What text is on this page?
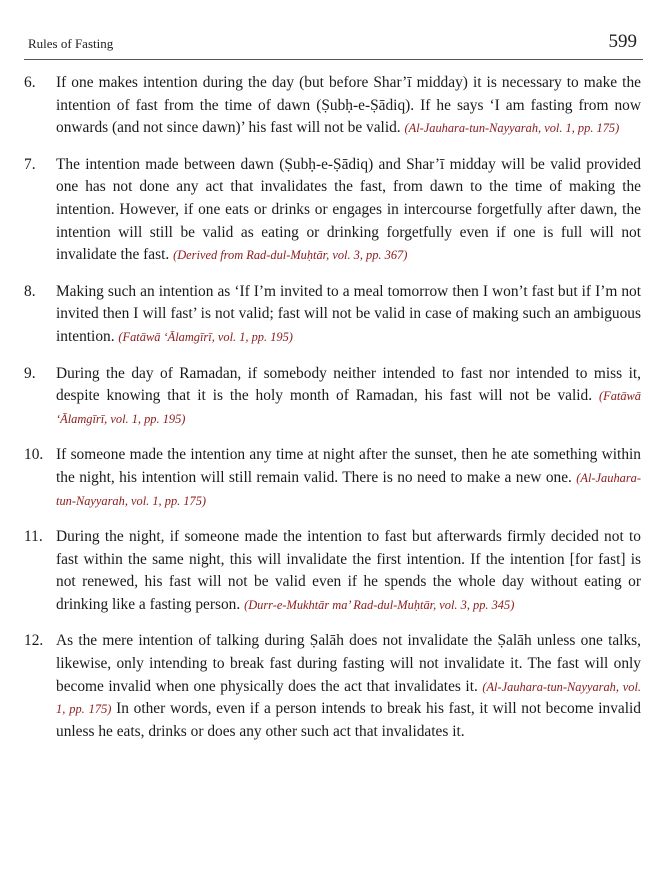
Rules of Fasting	599
6.	If one makes intention during the day (but before Shar’ī midday) it is necessary to make the intention of fast from the time of dawn (Ṣubḥ-e-Ṣādiq). If he says ‘I am fasting from now onwards (and not since dawn)’ his fast will not be valid. (Al-Jauhara-tun-Nayyarah, vol. 1, pp. 175)
7.	The intention made between dawn (Ṣubḥ-e-Ṣādiq) and Shar’ī midday will be valid provided one has not done any act that invalidates the fast, from dawn to the time of making the intention. However, if one eats or drinks or engages in intercourse forgetfully after dawn, the intention will still be valid as eating or drinking forgetfully even if one is full will not invalidate the fast. (Derived from Rad-dul-Muḥtār, vol. 3, pp. 367)
8.	Making such an intention as ‘If I’m invited to a meal tomorrow then I won’t fast but if I’m not invited then I will fast’ is not valid; fast will not be valid in case of making such an ambiguous intention. (Fatāwā ‘Ālamgīrī, vol. 1, pp. 195)
9.	During the day of Ramadan, if somebody neither intended to fast nor intended to miss it, despite knowing that it is the holy month of Ramadan, his fast will not be valid. (Fatāwā ‘Ālamgīrī, vol. 1, pp. 195)
10. If someone made the intention any time at night after the sunset, then he ate something within the night, his intention will still remain valid. There is no need to make a new one. (Al-Jauhara-tun-Nayyarah, vol. 1, pp. 175)
11. During the night, if someone made the intention to fast but afterwards firmly decided not to fast within the same night, this will invalidate the first intention. If the intention [for fast] is not renewed, his fast will not be valid even if he spends the whole day without eating or drinking like a fasting person. (Durr-e-Mukhtār ma’ Rad-dul-Muḥtār, vol. 3, pp. 345)
12. As the mere intention of talking during Ṣalāh does not invalidate the Ṣalāh unless one talks, likewise, only intending to break fast during fasting will not invalidate it. The fast will only become invalid when one physically does the act that invalidates it. (Al-Jauhara-tun-Nayyarah, vol. 1, pp. 175) In other words, even if a person intends to break his fast, it will not become invalid unless he eats, drinks or does any other such act that invalidates it.
